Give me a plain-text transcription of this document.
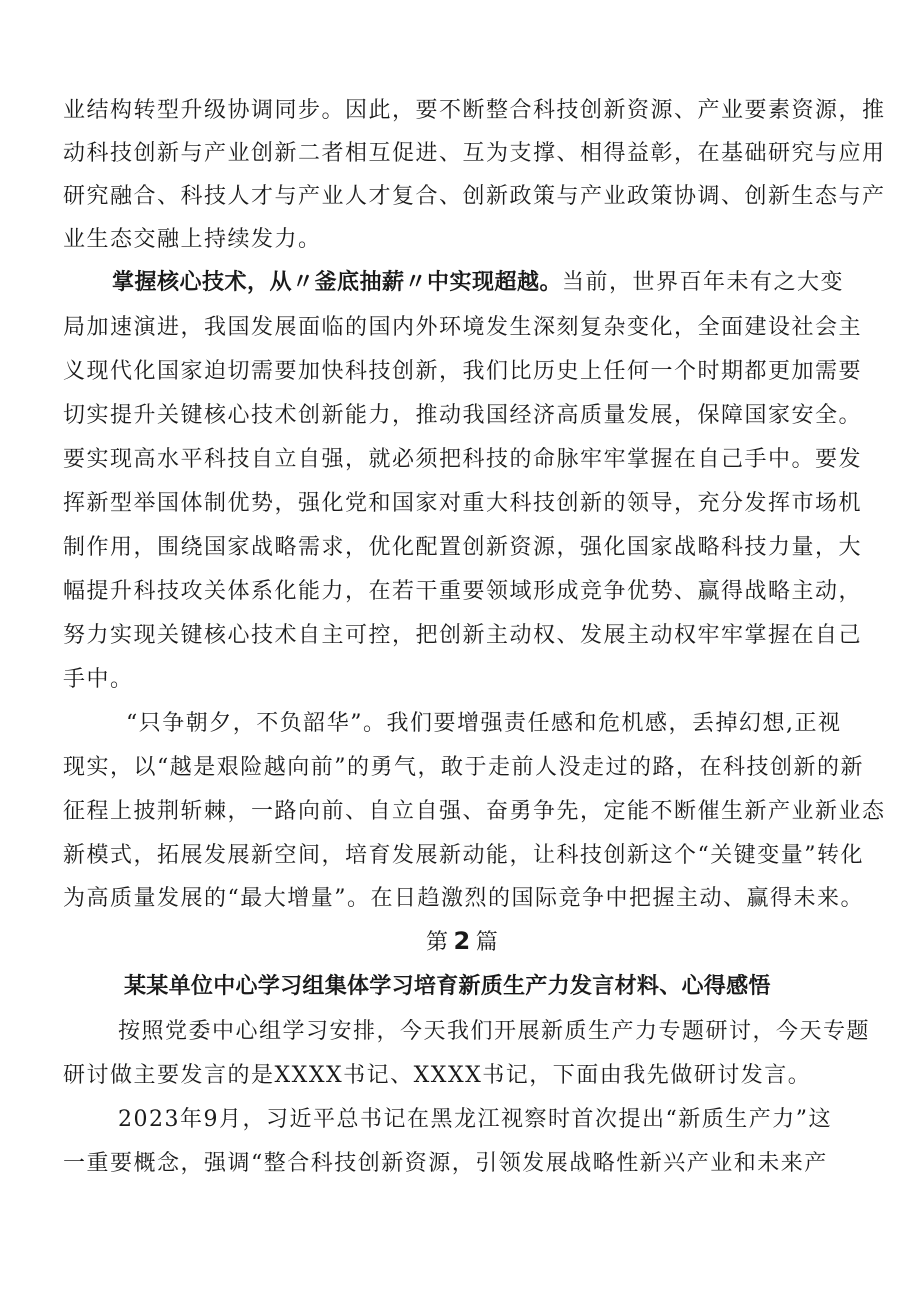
业结构转型升级协调同步。因此，要不断整合科技创新资源、产业要素资源，推
动科技创新与产业创新二者相互促进、互为支撑、相得益彰，在基础研究与应用
研究融合、科技人才与产业人才复合、创新政策与产业政策协调、创新生态与产
业生态交融上持续发力。
掌握核心技术，从〃釜底抽薪〃中实现超越。当前，世界百年未有之大变
局加速演进，我国发展面临的国内外环境发生深刻复杂变化，全面建设社会主
义现代化国家迫切需要加快科技创新，我们比历史上任何一个时期都更加需要
切实提升关键核心技术创新能力，推动我国经济高质量发展，保障国家安全。
要实现高水平科技自立自强，就必须把科技的命脉牢牢掌握在自己手中。要发
挥新型举国体制优势，强化党和国家对重大科技创新的领导，充分发挥市场机
制作用，围绕国家战略需求，优化配置创新资源，强化国家战略科技力量，大
幅提升科技攻关体系化能力，在若干重要领域形成竞争优势、赢得战略主动，
努力实现关键核心技术自主可控，把创新主动权、发展主动权牢牢掌握在自己
手中。
“只争朝夕，不负韶华”。我们要增强责任感和危机感，丢掉幻想,正视
现实，以“越是艰险越向前”的勇气，敢于走前人没走过的路，在科技创新的新
征程上披荆斩棘，一路向前、自立自强、奋勇争先，定能不断催生新产业新业态
新模式，拓展发展新空间，培育发展新动能，让科技创新这个“关键变量”转化
为高质量发展的“最大增量”。在日趋激烈的国际竞争中把握主动、赢得未来。
第 2 篇
某某单位中心学习组集体学习培育新质生产力发言材料、心得感悟
按照党委中心组学习安排，今天我们开展新质生产力专题研讨，今天专题
研讨做主要发言的是XXXX书记、XXXX书记，下面由我先做研讨发言。
2023年9月，习近平总书记在黑龙江视察时首次提出“新质生产力”这
一重要概念，强调“整合科技创新资源，引领发展战略性新兴产业和未来产
